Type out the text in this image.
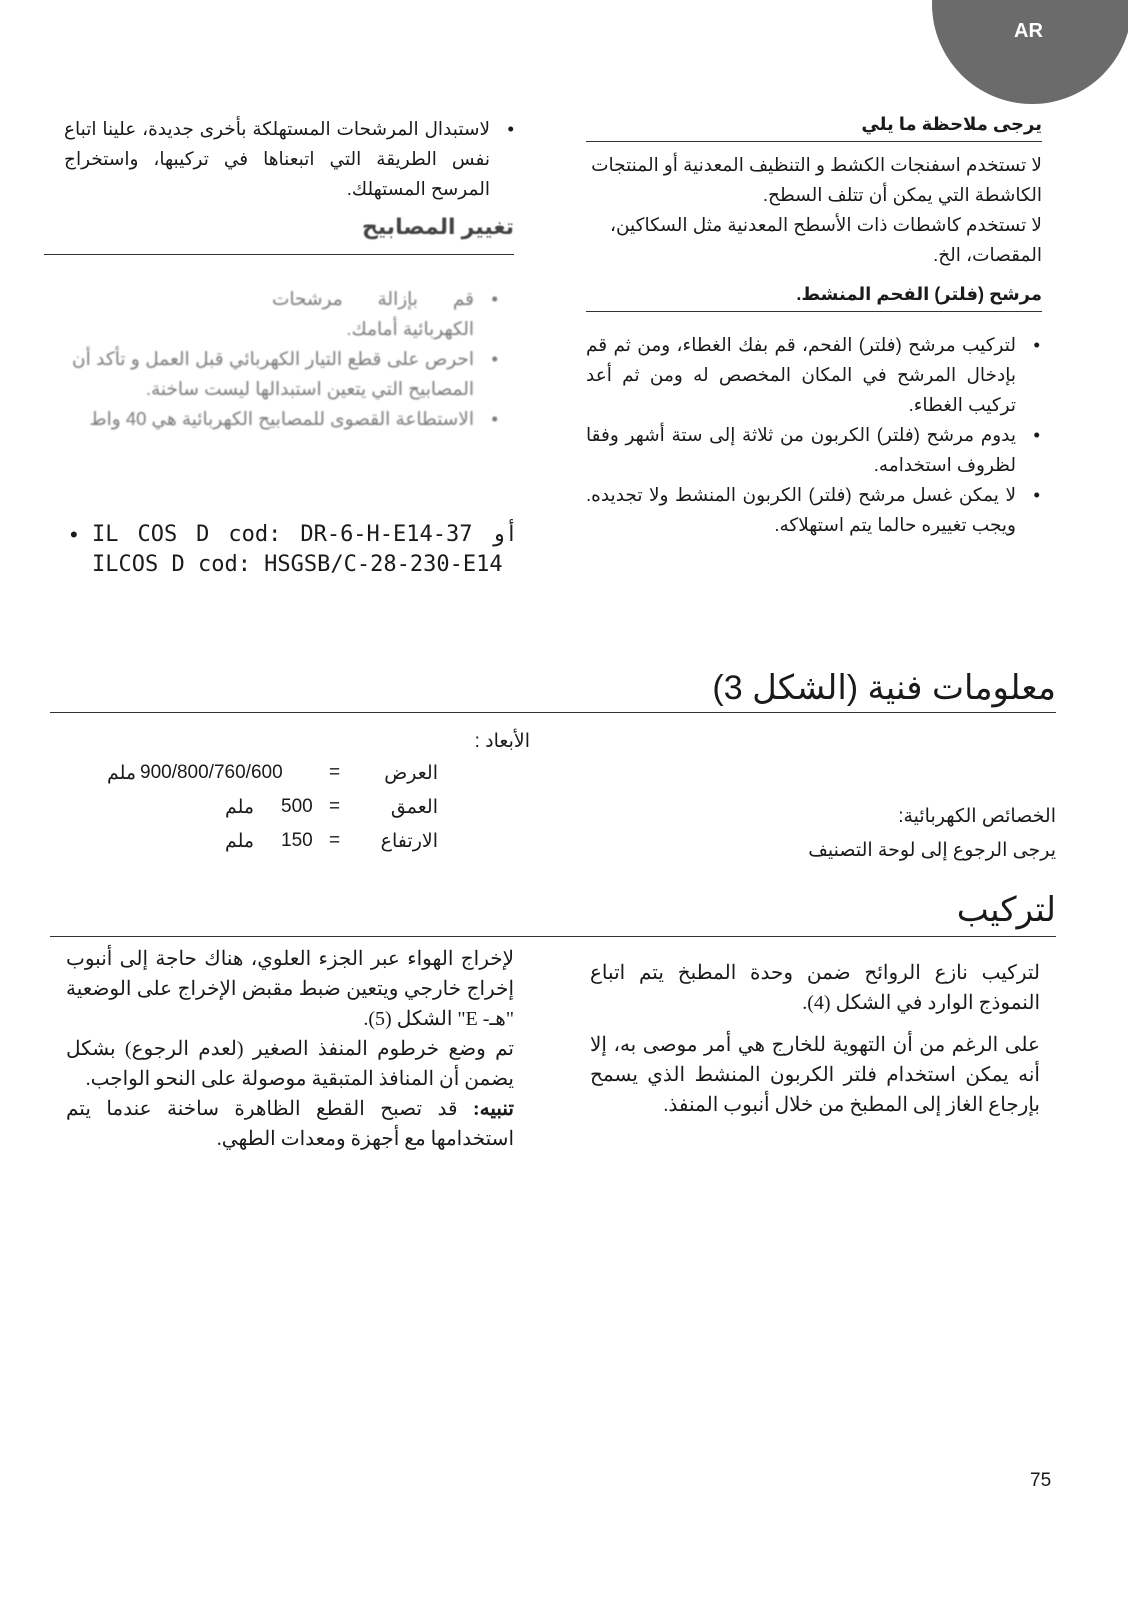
AR
يرجى ملاحظة ما يلي

لا تستخدم اسفنجات الكشط و التنظيف المعدنية أو المنتجات الكاشطة التي يمكن أن تتلف السطح.

لا تستخدم كاشطات ذات الأسطح المعدنية مثل السكاكين، المقصات، الخ.

مرشح (فلتر) الفحم المنشط.
• لتركيب مرشح (فلتر) الفحم، قم بفك الغطاء، ومن ثم قم بإدخال المرشح في المكان المخصص له ومن ثم أعد تركيب الغطاء.
• يدوم مرشح (فلتر) الكربون من ثلاثة إلى ستة أشهر وفقا لظروف استخدامه.
• لا يمكن غسل مرشح (فلتر) الكربون المنشط ولا تجديده. ويجب تغييره حالما يتم استهلاكه.
• لاستبدال المرشحات المستهلكة بأخرى جديدة، علينا اتباع نفس الطريقة التي اتبعناها في تركيبها، واستخراج المرسح المستهلك.
تغيير المصابيح
• قم بإزالة مرشحات الكهربائية أمامك.
• احرص على قطع التيار الكهربائي قبل العمل و تأكد أن المصابيح التي يتعين استبدالها ليست ساخنة.
• الاستطاعة القصوى للمصابيح الكهربائية هي 40 واط
• IL COS D cod: DR-6-H-E14-37 أو ILCOS D cod: HSGSB/C-28-230-E14
معلومات فنية (الشكل 3)
الأبعاد :
ملم 900/800/760/600 =	العرض
ملم 500 =	العمق
ملم 150 =	الارتفاع

الخصائص الكهربائية:

يرجى الرجوع إلى لوحة التصنيف

لتركيب

لتركيب نازع الروائح ضمن وحدة المطبخ يتم اتباع النموذج الوارد في الشكل (4).

على الرغم من أن التهوية للخارج هي أمر موصى به، إلا أنه يمكن استخدام فلتر الكربون المنشط الذي يسمح بإرجاع الغاز إلى المطبخ من خلال أنبوب المنفذ.

لإخراج الهواء عبر الجزء العلوي، هناك حاجة إلى أنبوب إخراج خارجي ويتعين ضبط مقبض الإخراج على الوضعية "هـ- E" الشكل (5).

تم وضع خرطوم المنفذ الصغير (لعدم الرجوع) بشكل يضمن أن المنافذ المتبقية موصولة على النحو الواجب.

تنبيه: قد تصبح القطع الظاهرة ساخنة عندما يتم استخدامها مع أجهزة ومعدات الطهي.

75
